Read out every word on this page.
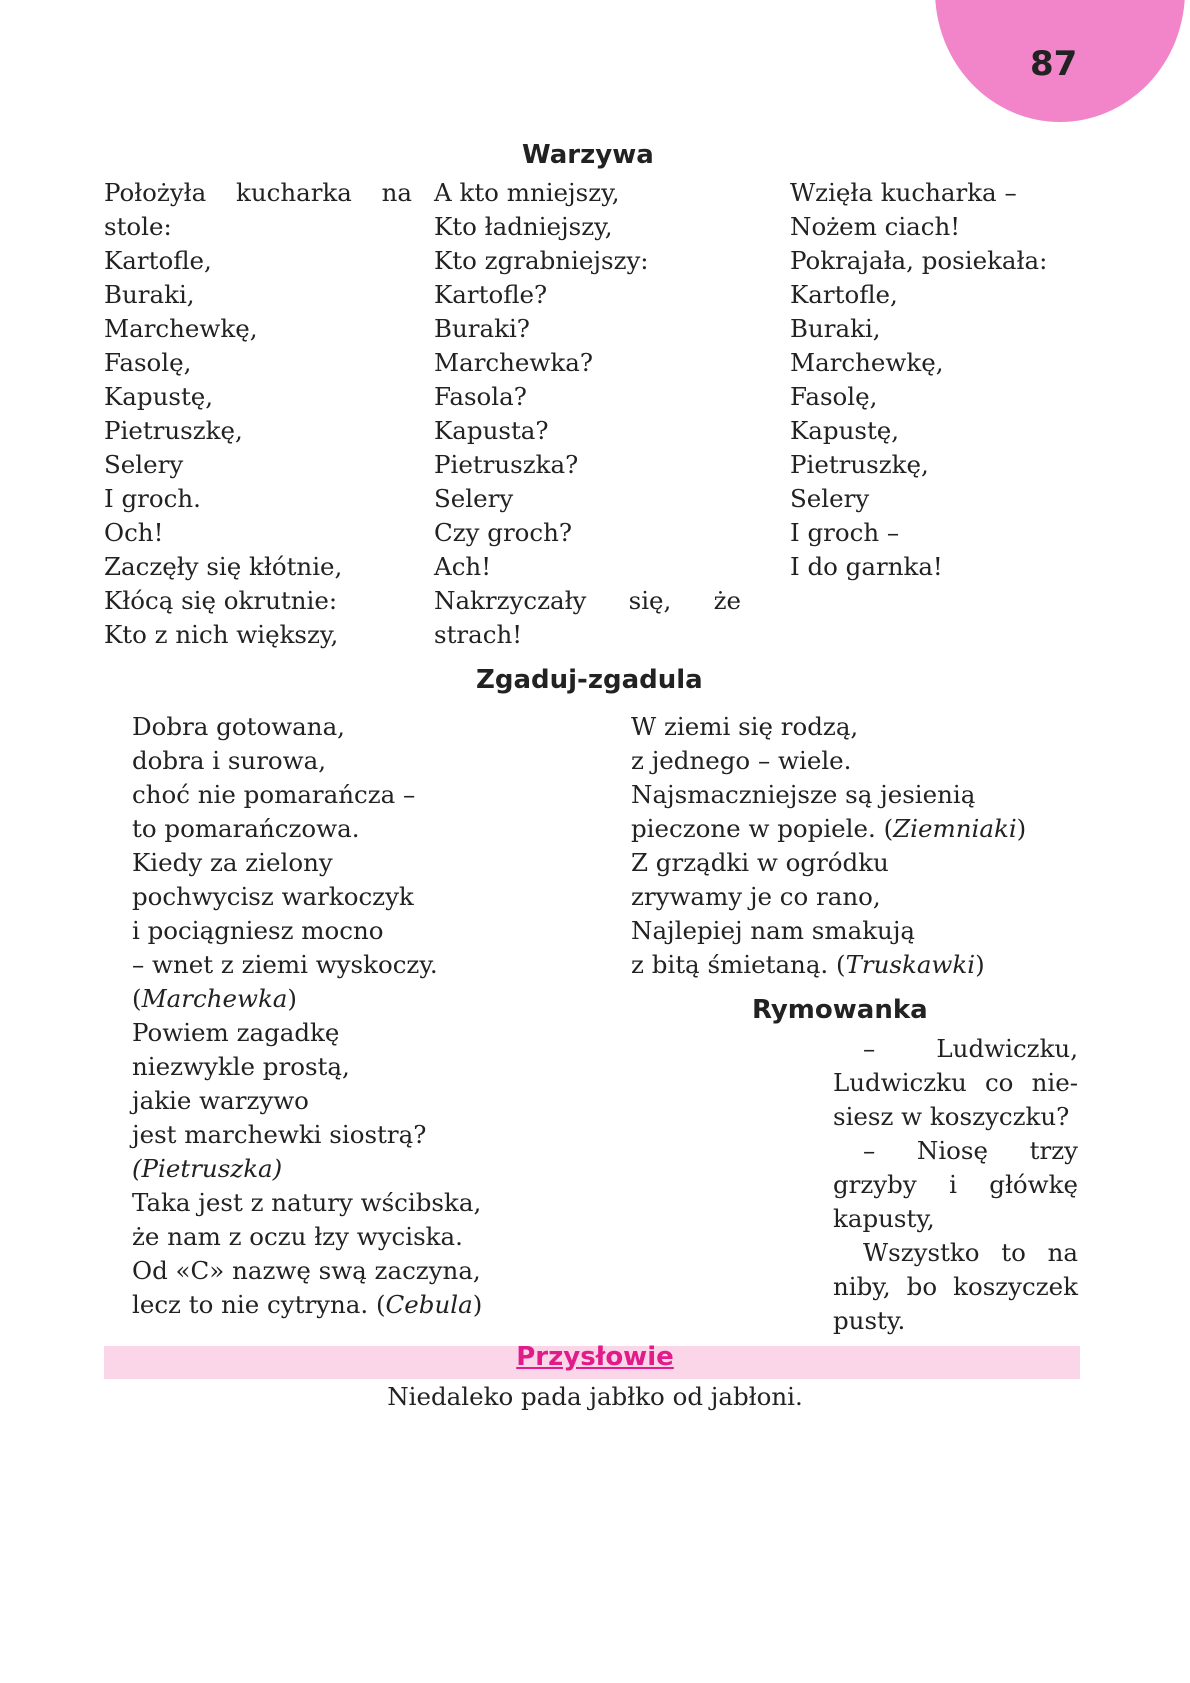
87
Warzywa
Położyła kucharka na
stole:
Kartofle,
Buraki,
Marchewkę,
Fasolę,
Kapustę,
Pietruszkę,
Selery
I groch.
Och!
Zaczęły się kłótnie,
Kłócą się okrutnie:
Kto z nich większy,
A kto mniejszy,
Kto ładniejszy,
Kto zgrabniejszy:
Kartofle?
Buraki?
Marchewka?
Fasola?
Kapusta?
Pietruszka?
Selery
Czy groch?
Ach!
Nakrzyczały się, że
strach!
Wzięła kucharka –
Nożem ciach!
Pokrajała, posiekała:
Kartofle,
Buraki,
Marchewkę,
Fasolę,
Kapustę,
Pietruszkę,
Selery
I groch –
I do garnka!
Zgaduj-zgadula
Dobra gotowana,
dobra i surowa,
choć nie pomarańcza –
to pomarańczowa.
Kiedy za zielony
pochwycisz warkoczyk
i pociągniesz mocno
– wnet z ziemi wyskoczy.
(Marchewka)
Powiem zagadkę
niezwykle prostą,
jakie warzywo
jest marchewki siostrą?
(Pietruszka)
Taka jest z natury wścibska,
że nam z oczu łzy wyciska.
Od «C» nazwę swą zaczyna,
lecz to nie cytryna. (Cebula)
W ziemi się rodzą,
z jednego – wiele.
Najsmaczniejsze są jesienią
pieczone w popiele. (Ziemniaki)
Z grządki w ogródku
zrywamy je co rano,
Najlepiej nam smakują
z bitą śmietaną. (Truskawki)
Rymowanka
– Ludwiczku,
Ludwiczku co nie-
siesz w koszyczku?
– Niosę trzy
grzyby i główkę
kapusty,
Wszystko to na
niby, bo koszyczek
pusty.
Przysłowie
Niedaleko pada jabłko od jabłoni.
